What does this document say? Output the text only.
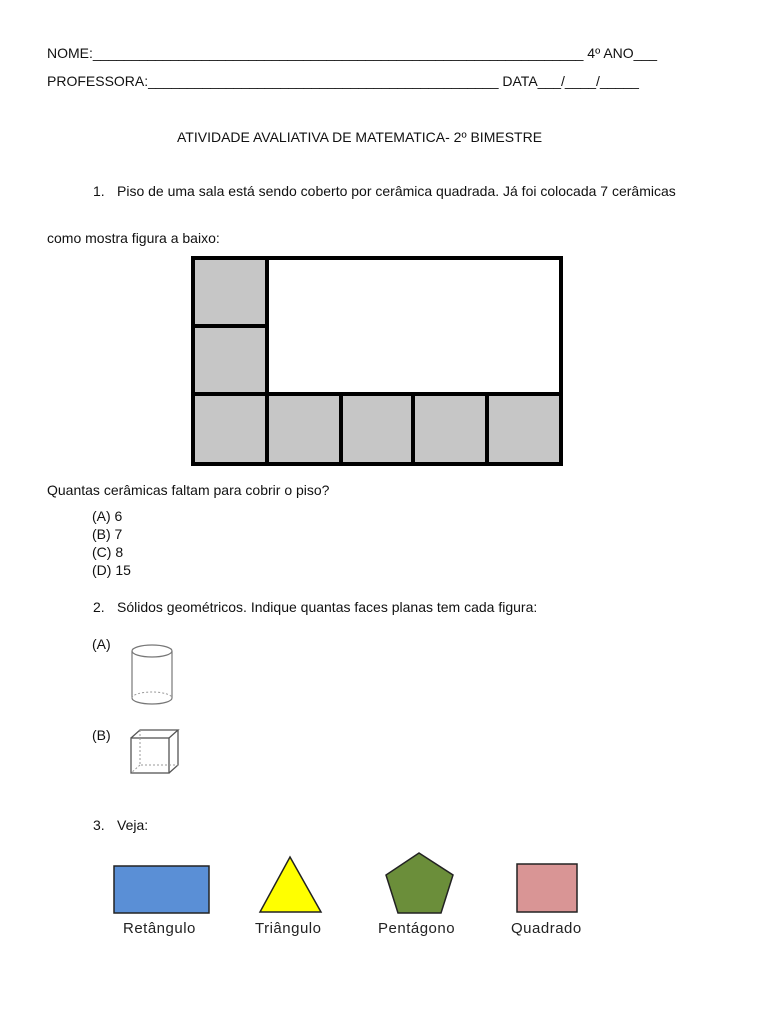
NOME:_______________________________________________________________ 4º ANO___
PROFESSORA:_____________________________________________ DATA___/____/_____
ATIVIDADE AVALIATIVA DE MATEMATICA- 2º BIMESTRE
1. Piso de uma sala está sendo coberto por cerâmica quadrada. Já foi colocada 7 cerâmicas
como mostra figura a baixo:
Quantas cerâmicas faltam para cobrir o piso?
(A) 6
(B) 7
(C) 8
(D) 15
2. Sólidos geométricos. Indique quantas faces planas tem cada figura:
(A)
(B)
3. Veja:
Retângulo	Triângulo	Pentágono	Quadrado
